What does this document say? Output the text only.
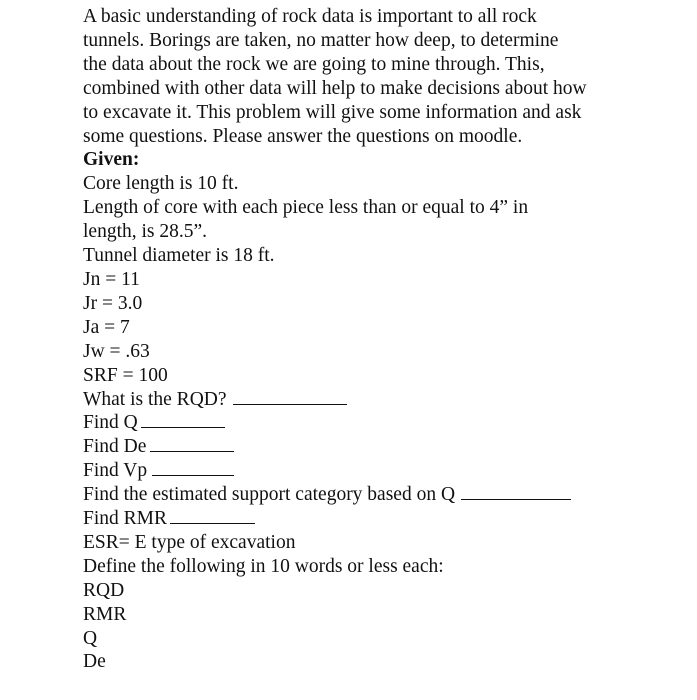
A basic understanding of rock data is important to all rock
tunnels. Borings are taken, no matter how deep, to determine
the data about the rock we are going to mine through. This,
combined with other data will help to make decisions about how
to excavate it. This problem will give some information and ask
some questions. Please answer the questions on moodle.
Given:
Core length is 10 ft.
Length of core with each piece less than or equal to 4” in
length, is 28.5”.
Tunnel diameter is 18 ft.
Jn = 11
Jr = 3.0
Ja = 7
Jw = .63
SRF = 100
What is the RQD?
Find Q
Find De
Find Vp
Find the estimated support category based on Q
Find RMR
ESR= E type of excavation
Define the following in 10 words or less each:
RQD
RMR
Q
De
